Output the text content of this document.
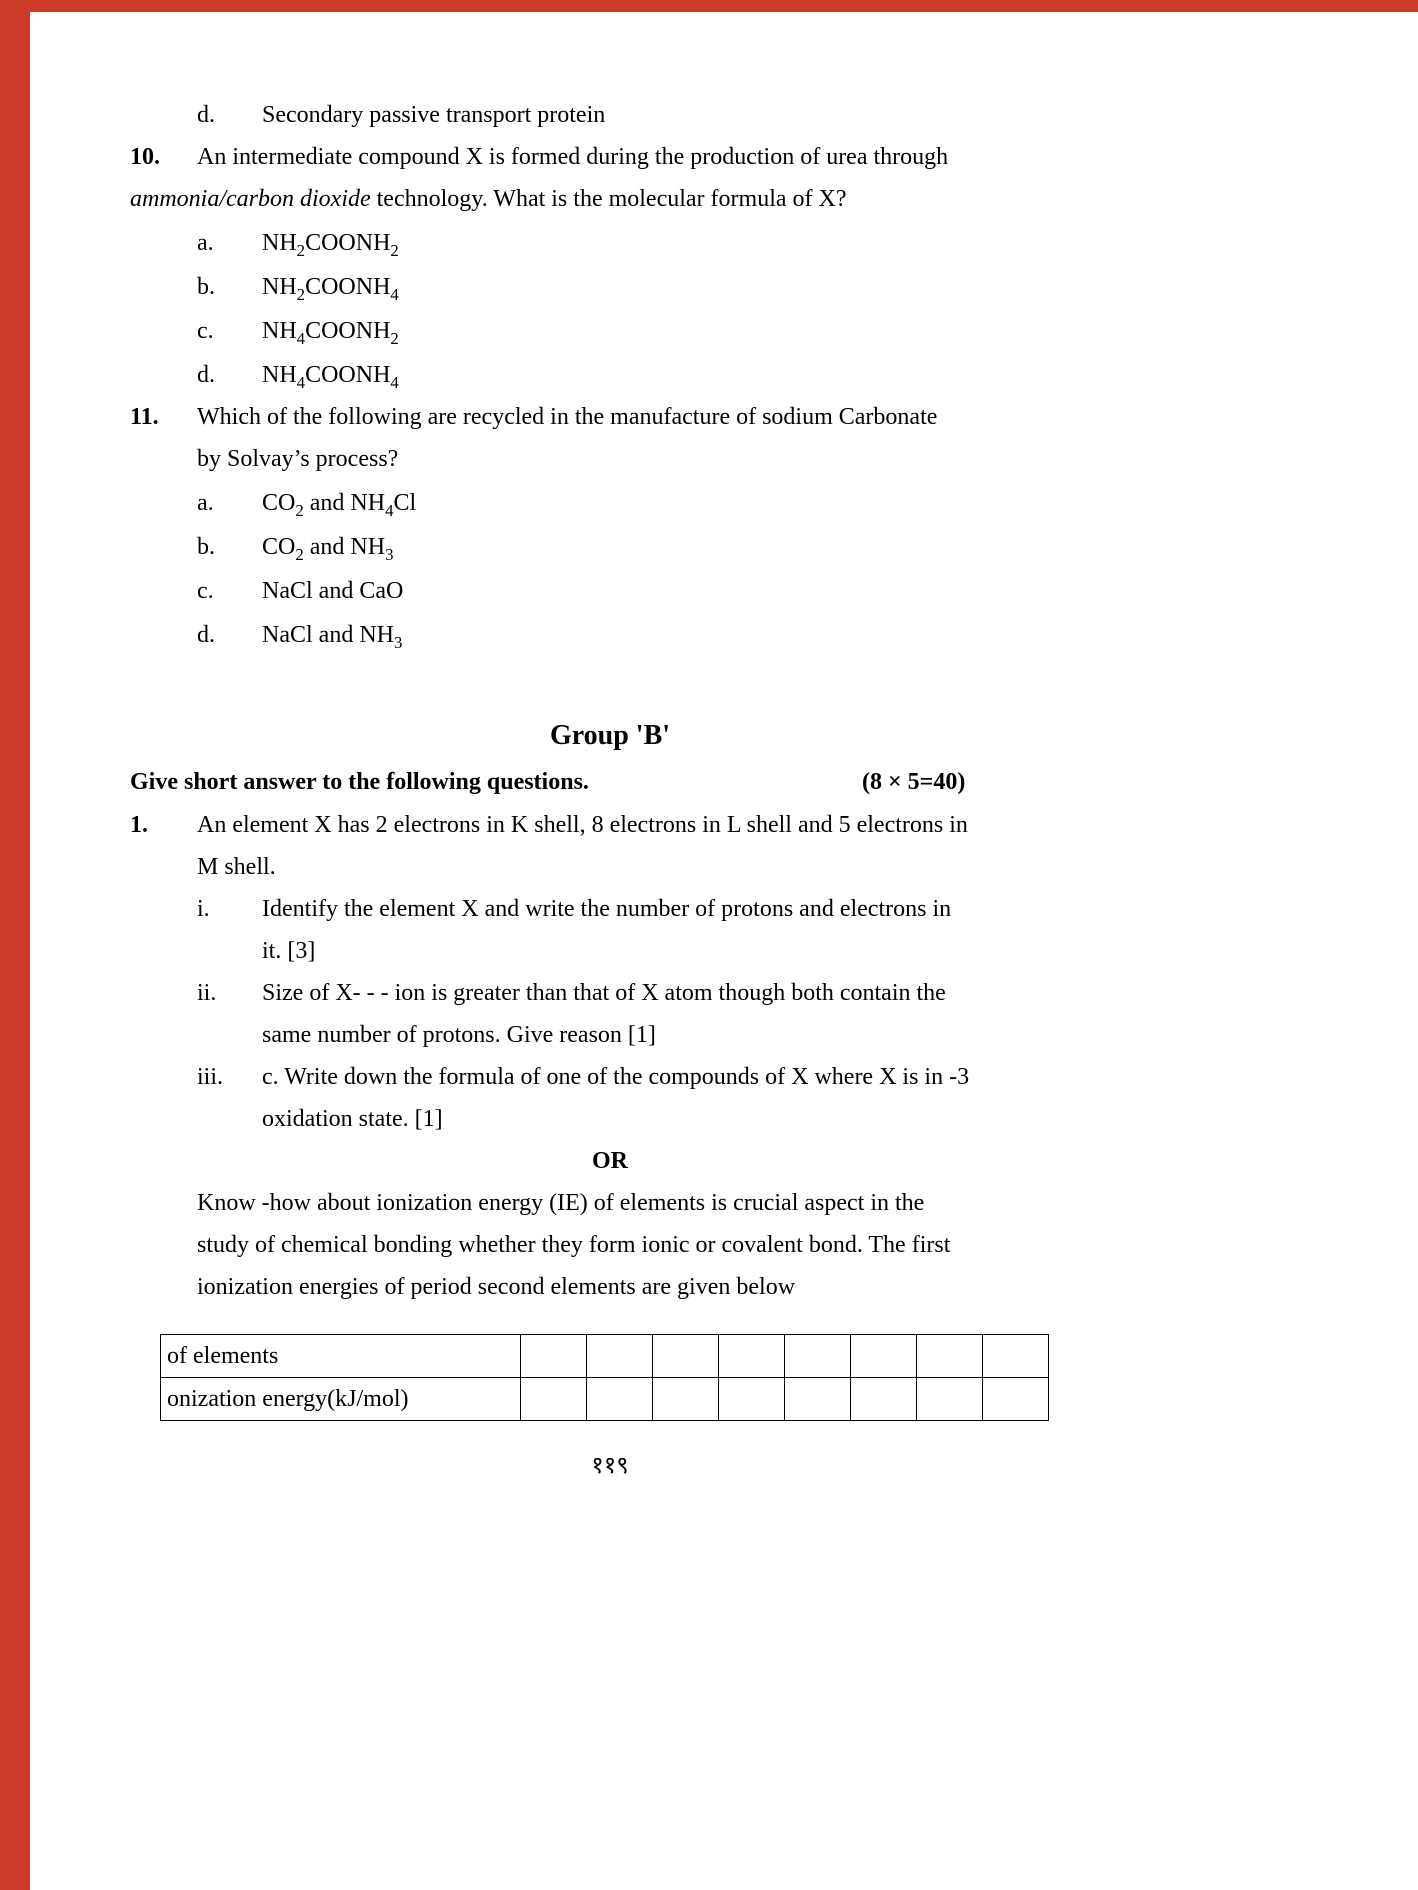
d.	Secondary passive transport protein
10.	An intermediate compound X is formed during the production of urea through
ammonia/carbon dioxide technology. What is the molecular formula of X?
a.	$NH_2COONH_2$
b.	$NH_2COONH_4$
c.	$NH_4COONH_2$
d.	$NH_4COONH_4$
11.	Which of the following are recycled in the manufacture of sodium Carbonate
by Solvay’s process?
a.	$CO_2$ and $NH_4Cl$
b.	$CO_2$ and $NH_3$
c.	NaCl and CaO
d.	NaCl and $NH_3$
Group 'B'
Give short answer to the following questions.	(8 × 5=40)
1.	An element X has 2 electrons in K shell, 8 electrons in L shell and 5 electrons in
M shell.
i.	Identify the element X and write the number of protons and electrons in
it. [3]
ii.	Size of X- - - ion is greater than that of X atom though both contain the
same number of protons. Give reason [1]
iii.	c. Write down the formula of one of the compounds of X where X is in -3
oxidation state. [1]
OR
Know -how about ionization energy (IE) of elements is crucial aspect in the
study of chemical bonding whether they form ionic or covalent bond. The first
ionization energies of period second elements are given below
of elements								
onization energy(kJ/mol)								
११९
